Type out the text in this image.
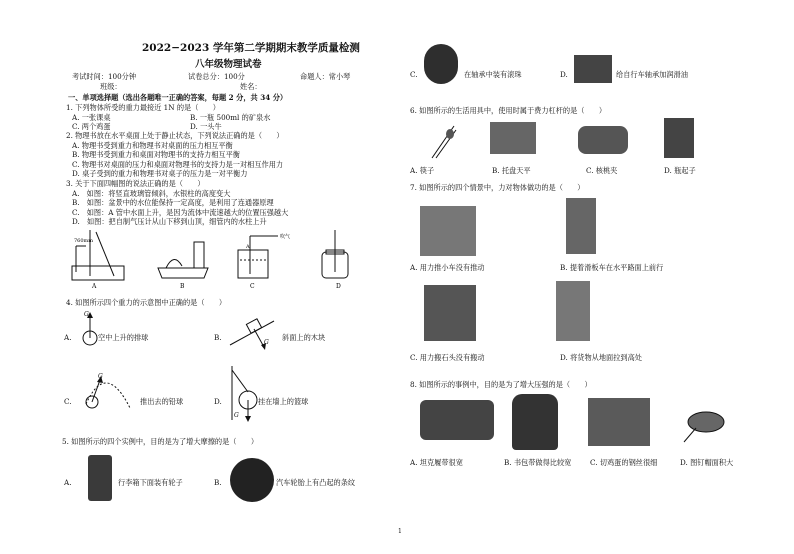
2022−2023 学年第二学期期末教学质量检测
八年级物理试卷
考试时间：100分钟	试卷总分：100分	命题人：常小琴
班级：	姓名：
一、单项选择题（选出各题唯一正确的答案，每题 2 分，共 34 分）
1. 下列物体所受的重力最接近 1N 的是（　　）
A. 一张课桌	B. 一瓶 500ml 的矿泉水
C. 两个鸡蛋	D. 一头牛
2. 物理书放在水平桌面上处于静止状态，下列说法正确的是（　　）
A. 物理书受到重力和物理书对桌面的压力相互平衡
B. 物理书受到重力和桌面对物理书的支持力相互平衡
C. 物理书对桌面的压力和桌面对物理书的支持力是一对相互作用力
D. 桌子受到的重力和物理书对桌子的压力是一对平衡力
3. 关于下面四幅图的说法正确的是（　　）
A.　如图：将竖直玻璃管倾斜，水银柱的高度变大
B.　如图：盆景中的水位能保持一定高度，是利用了连通器原理
C.　如图：A 管中水面上升，是因为流体中流速越大的位置压强越大
D.　如图：把自制气压计从山下移到山顶，细管内的水柱上升
760mm
A	B
A
吹气
C	D
4. 如图所示四个重力的示意图中正确的是（　　）
A.
G
空中上升的排球	B.
G
斜面上的木块
C.
G
推出去的铅球	D.
G
挂在墙上的篮球
5. 如图所示的四个实例中，目的是为了增大摩擦的是（　　）
A.	行李箱下面装有轮子	B.	汽车轮胎上有凸起的条纹
C.	在轴承中装有滚珠	D.	给自行车轴承加润滑油
6. 如图所示的生活用具中，使用时属于费力杠杆的是（　　）
A. 筷子	B. 托盘天平	C. 核桃夹	D. 瓶起子
7. 如图所示的四个情景中，力对物体做功的是（　　）
A. 用力推小车没有推动	B. 提着滑板车在水平路面上前行
C. 用力搬石头没有搬动	D. 将货物从地面拉到高处
8. 如图所示的事例中，目的是为了增大压强的是（　　）
A. 坦克履带很宽	B. 书包带做得比较宽	C. 切鸡蛋的钢丝很细	D. 图钉帽面积大
1
